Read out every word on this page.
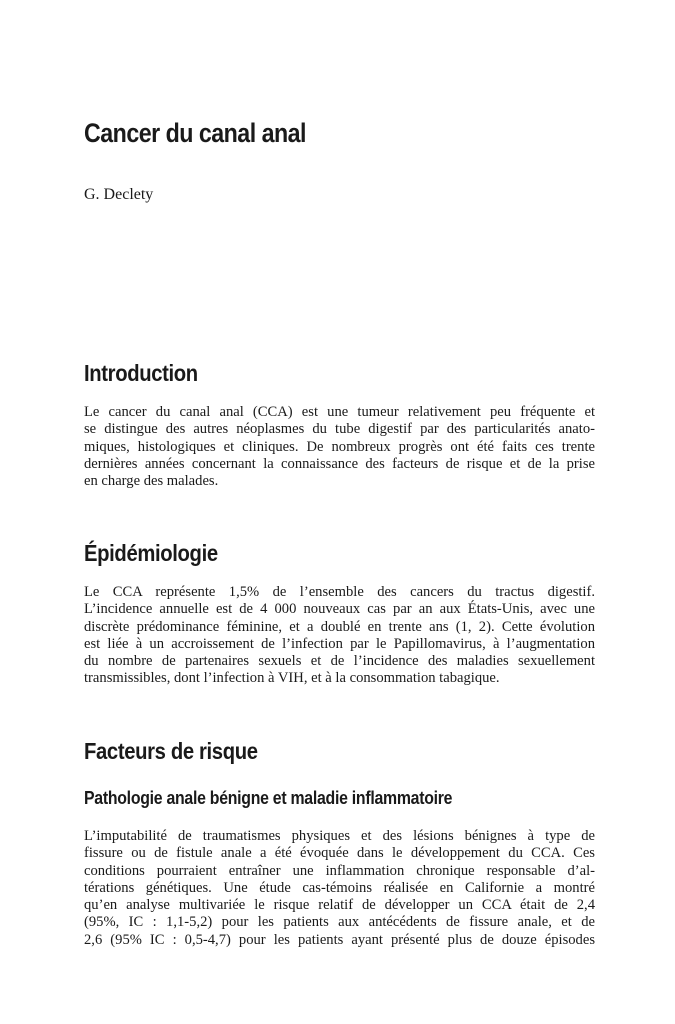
Cancer du canal anal

G. Declety

Introduction
Le cancer du canal anal (CCA) est une tumeur relativement peu fréquente et
se distingue des autres néoplasmes du tube digestif par des particularités anato-
miques, histologiques et cliniques. De nombreux progrès ont été faits ces trente
dernières années concernant la connaissance des facteurs de risque et de la prise
en charge des malades.
Épidémiologie
Le CCA représente 1,5% de l’ensemble des cancers du tractus digestif.
L’incidence annuelle est de 4 000 nouveaux cas par an aux États-Unis, avec une
discrète prédominance féminine, et a doublé en trente ans (1, 2). Cette évolution
est liée à un accroissement de l’infection par le Papillomavirus, à l’augmentation
du nombre de partenaires sexuels et de l’incidence des maladies sexuellement
transmissibles, dont l’infection à VIH, et à la consommation tabagique.
Facteurs de risque
Pathologie anale bénigne et maladie inflammatoire
L’imputabilité de traumatismes physiques et des lésions bénignes à type de
fissure ou de fistule anale a été évoquée dans le développement du CCA. Ces
conditions pourraient entraîner une inflammation chronique responsable d’al-
térations génétiques. Une étude cas-témoins réalisée en Californie a montré
qu’en analyse multivariée le risque relatif de développer un CCA était de 2,4
(95%, IC : 1,1-5,2) pour les patients aux antécédents de fissure anale, et de
2,6 (95% IC : 0,5-4,7) pour les patients ayant présenté plus de douze épisodes
